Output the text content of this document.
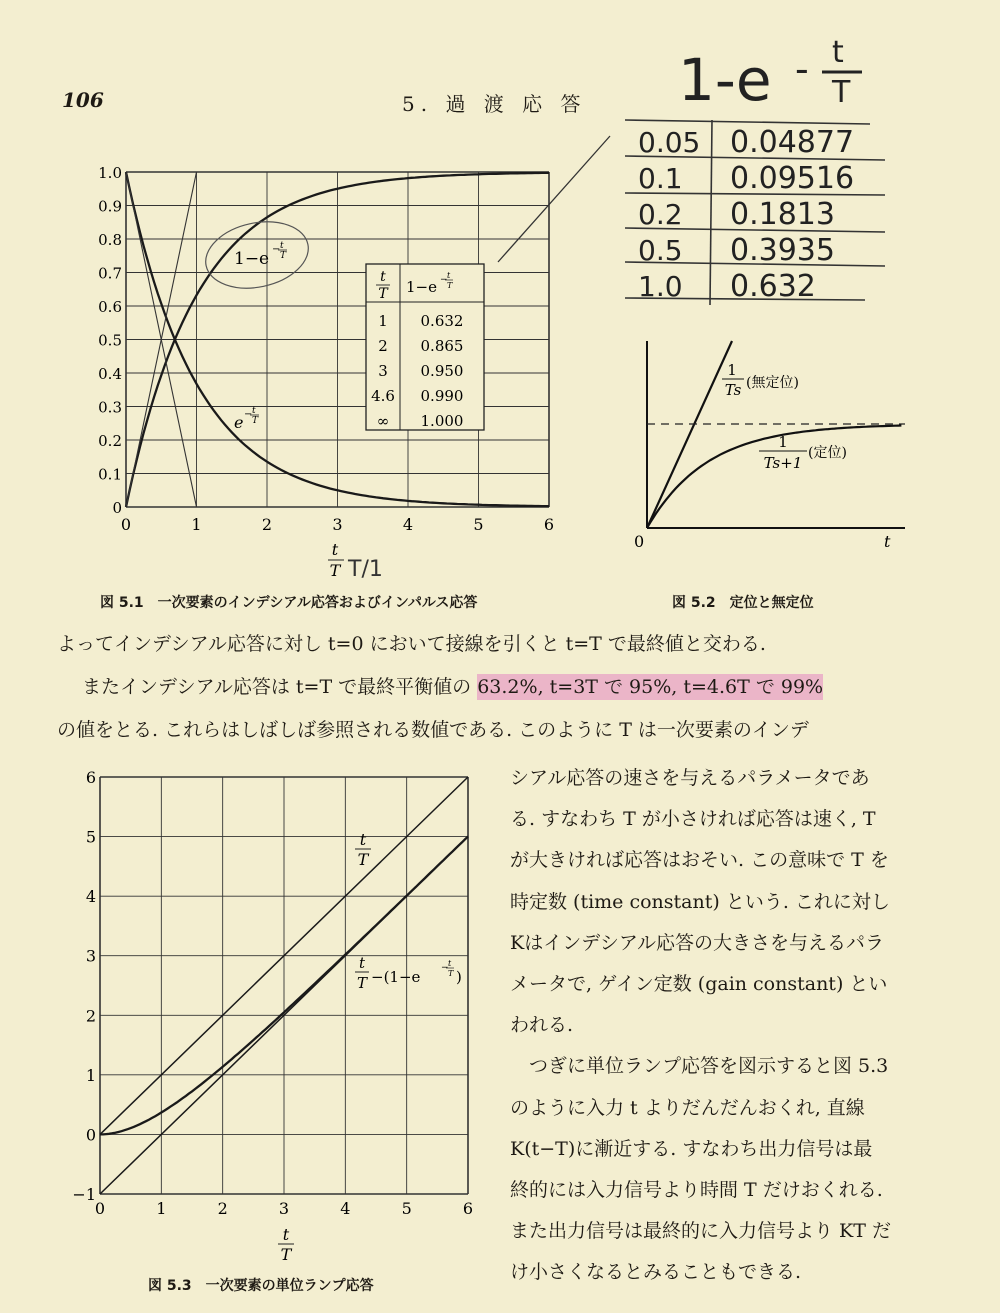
106	5. 過 渡 応 答 1-e - t
T
0.05 0.04877
0.1 0.09516
0.2 0.1813
0.5 0.3935
1.0 0.632
0
0.1
0.2
0.3
0.4
0.5
0.6
0.7
0.8
0.9
1.0
0	1	2	3	4	5	6
t
T T/1
1−e − t
T
e − t
T
t
T 1−e − t
T
1 0.632
2 0.865
3 0.950
4.6 0.990
∞ 1.000
図 5.1　一次要素のインデシアル応答およびインパルス応答
0	t
1
Ts (無定位)
1
Ts+1
(定位)
図 5.2　定位と無定位
よってインデシアル応答に対し t=0 において接線を引くと t=T で最終値と交わる.
またインデシアル応答は t=T で最終平衡値の 63.2%, t=3T で 95%, t=4.6T で 99%
の値をとる. これらはしばしば参照される数値である. このように T は一次要素のインデ
シアル応答の速さを与えるパラメータであ
る. すなわち T が小さければ応答は速く, T
が大きければ応答はおそい. この意味で T を
時定数 (time constant) という. これに対し
Kはインデシアル応答の大きさを与えるパラ
メータで, ゲイン定数 (gain constant) とい
われる.
　つぎに単位ランプ応答を図示すると図 5.3
のように入力 t よりだんだんおくれ, 直線
K(t−T)に漸近する. すなわち出力信号は最
終的には入力信号より時間 T だけおくれる.
また出力信号は最終的に入力信号より KT だ
け小さくなるとみることもできる.
−1
0
1
2
3
4
5
6
0	1	2	3	4	5	6
t
T
t
T
t
T −(1−e − t
T )
図 5.3　一次要素の単位ランプ応答
